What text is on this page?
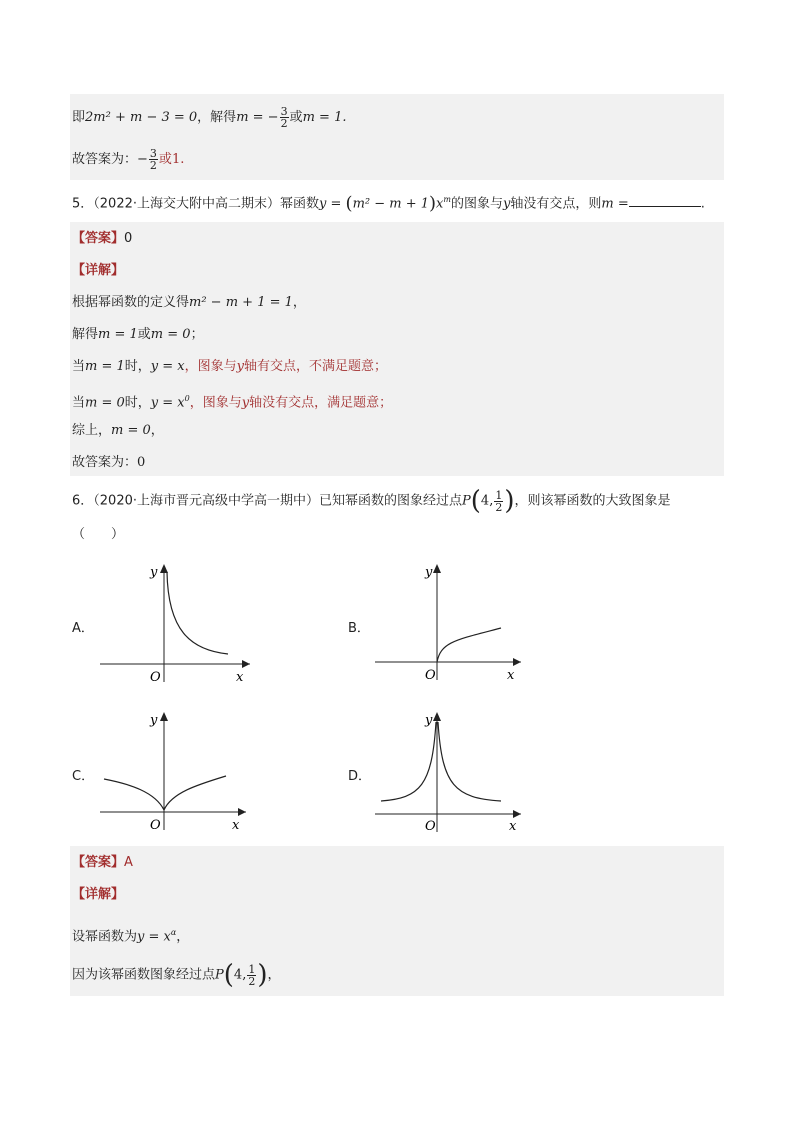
即2m² + m − 3 = 0，解得m = − $\frac{3}{2}$ 或m = 1.
故答案为：− $\frac{3}{2}$ 或1.
5．（2022·上海交大附中高二期末）幂函数$y = (m^2 - m + 1)x^m$的图象与y轴没有交点，则m =	.
【答案】0
【详解】
根据幂函数的定义得m² − m + 1 = 1，
解得m = 1或m = 0；
当m = 1时，y = x，图象与y轴有交点，不满足题意；
当m = 0时，$y = x^0$，图象与y轴没有交点，满足题意；
综上，m = 0，
故答案为：0
6．（2020·上海市晋元高级中学高一期中）已知幂函数的图象经过点P(4, $\frac{1}{2}$ )，则该幂函数的大致图象是
（　　）
A．	B．
C．	D．
y
x
O
y
x
O
y
x
O
y
x
O
【答案】A
【详解】
设幂函数为$y = x^\alpha$，
因为该幂函数图象经过点P(4, $\frac{1}{2}$ )，
